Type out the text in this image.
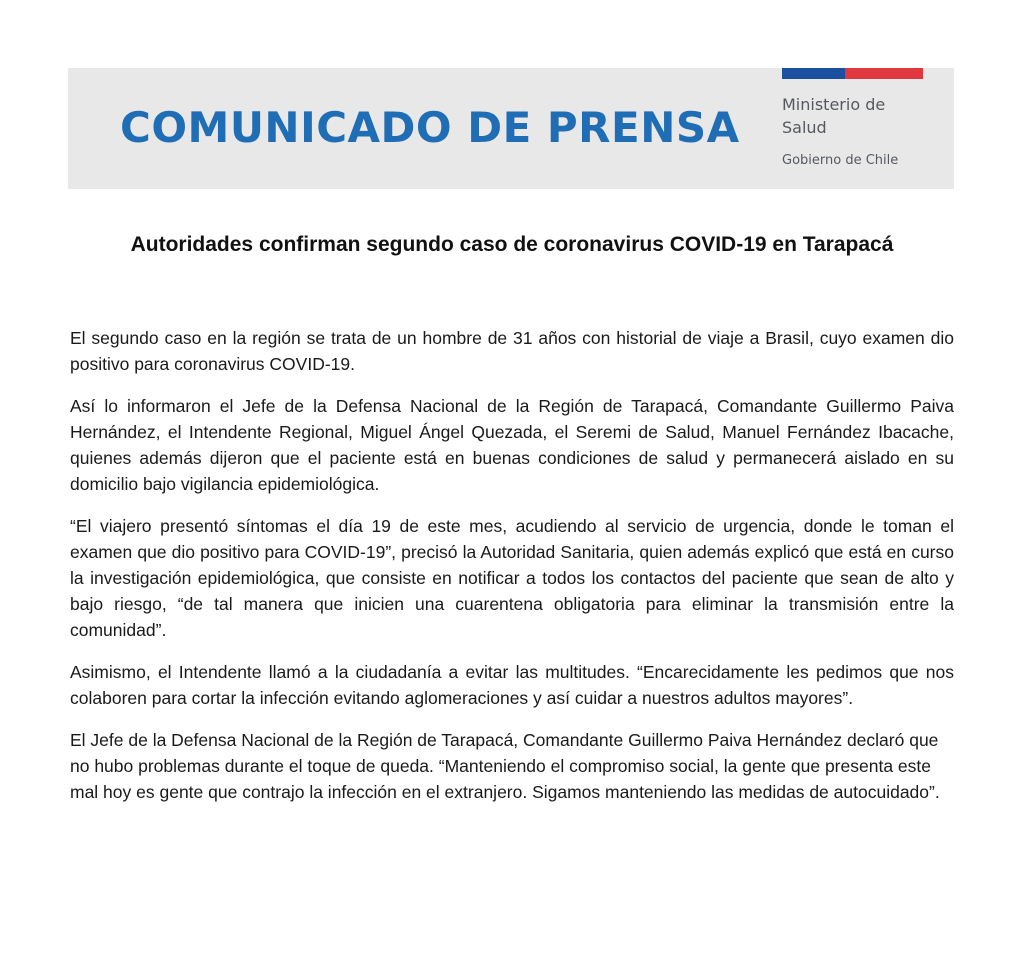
COMUNICADO DE PRENSA	Ministerio de
Salud
Gobierno de Chile
Autoridades confirman segundo caso de coronavirus COVID-19 en Tarapacá

El segundo caso en la región se trata de un hombre de 31 años con historial de viaje a Brasil, cuyo examen dio positivo para coronavirus COVID-19.

Así lo informaron el Jefe de la Defensa Nacional de la Región de Tarapacá, Comandante Guillermo Paiva Hernández, el Intendente Regional, Miguel Ángel Quezada, el Seremi de Salud, Manuel Fernández Ibacache, quienes además dijeron que el paciente está en buenas condiciones de salud y permanecerá aislado en su domicilio bajo vigilancia epidemiológica.

“El viajero presentó síntomas el día 19 de este mes, acudiendo al servicio de urgencia, donde le toman el examen que dio positivo para COVID-19”, precisó la Autoridad Sanitaria, quien además explicó que está en curso la investigación epidemiológica, que consiste en notificar a todos los contactos del paciente que sean de alto y bajo riesgo, “de tal manera que inicien una cuarentena obligatoria para eliminar la transmisión entre la comunidad”.

Asimismo, el Intendente llamó a la ciudadanía a evitar las multitudes. “Encarecidamente les pedimos que nos colaboren para cortar la infección evitando aglomeraciones y así cuidar a nuestros adultos mayores”.

El Jefe de la Defensa Nacional de la Región de Tarapacá, Comandante Guillermo Paiva Hernández declaró que no hubo problemas durante el toque de queda. “Manteniendo el compromiso social, la gente que presenta este mal hoy es gente que contrajo la infección en el extranjero. Sigamos manteniendo las medidas de autocuidado”.
